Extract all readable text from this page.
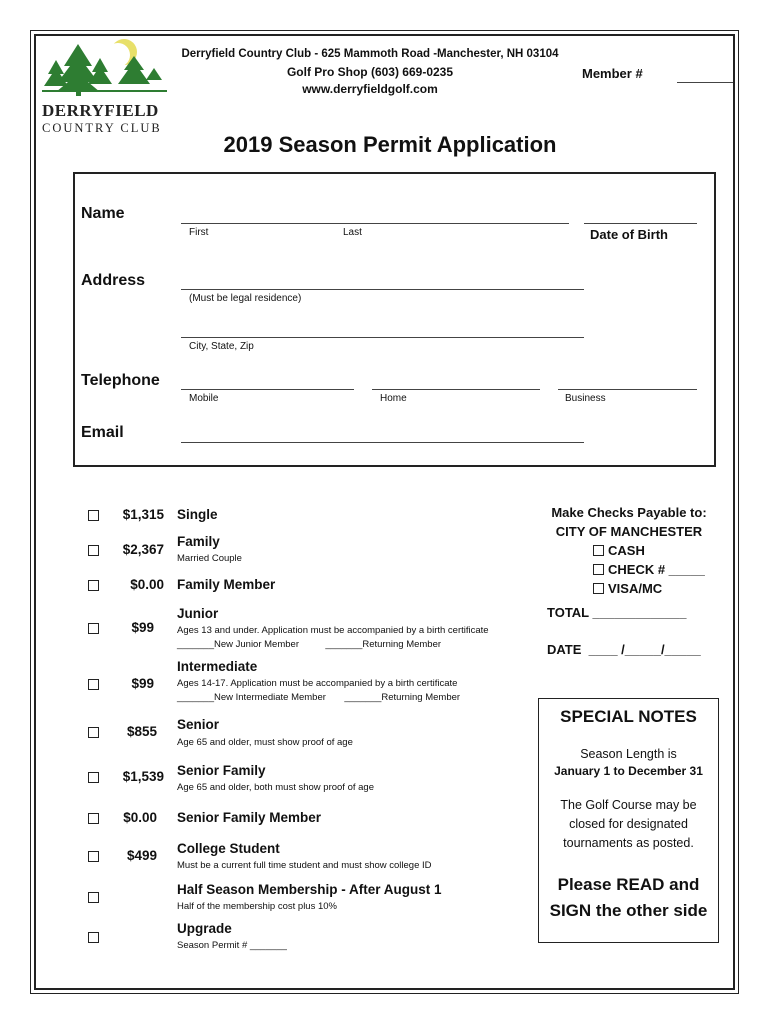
DERRYFIELD
COUNTRY CLUB
Derryfield Country Club - 625 Mammoth Road -Manchester, NH 03104
Golf Pro Shop (603) 669-0235
www.derryfieldgolf.com
Member #
2019 Season Permit Application
Name
First	Last	Date of Birth
Address
(Must be legal residence)
City, State, Zip
Telephone
Mobile	Home	Business
Email
$1,315 Single
$2,367
Family
Married Couple
$0.00 Family Member
$99
Junior
Ages 13 and under. Application must be accompanied by a birth certificate
_______New Junior Member          _______Returning Member
$99
Intermediate
Ages 14-17. Application must be accompanied by a birth certificate
_______New Intermediate Member       _______Returning Member
$855 Senior
Age 65 and older, must show proof of age
$1,539 Senior Family
Age 65 and older, both must show proof of age
$0.00 Senior Family Member
$499 College Student
Must be a current full time student and must show college ID
Half Season Membership - After August 1
Half of the membership cost plus 10%
Upgrade
Season Permit # _______
Make Checks Payable to:
CITY OF MANCHESTER
CASH
CHECK # _____
VISA/MC
TOTAL _____________
DATE  ____ /_____/_____
SPECIAL NOTES
Season Length is
January 1 to December 31
The Golf Course may be
closed for designated
tournaments as posted.
Please READ and
SIGN the other side
